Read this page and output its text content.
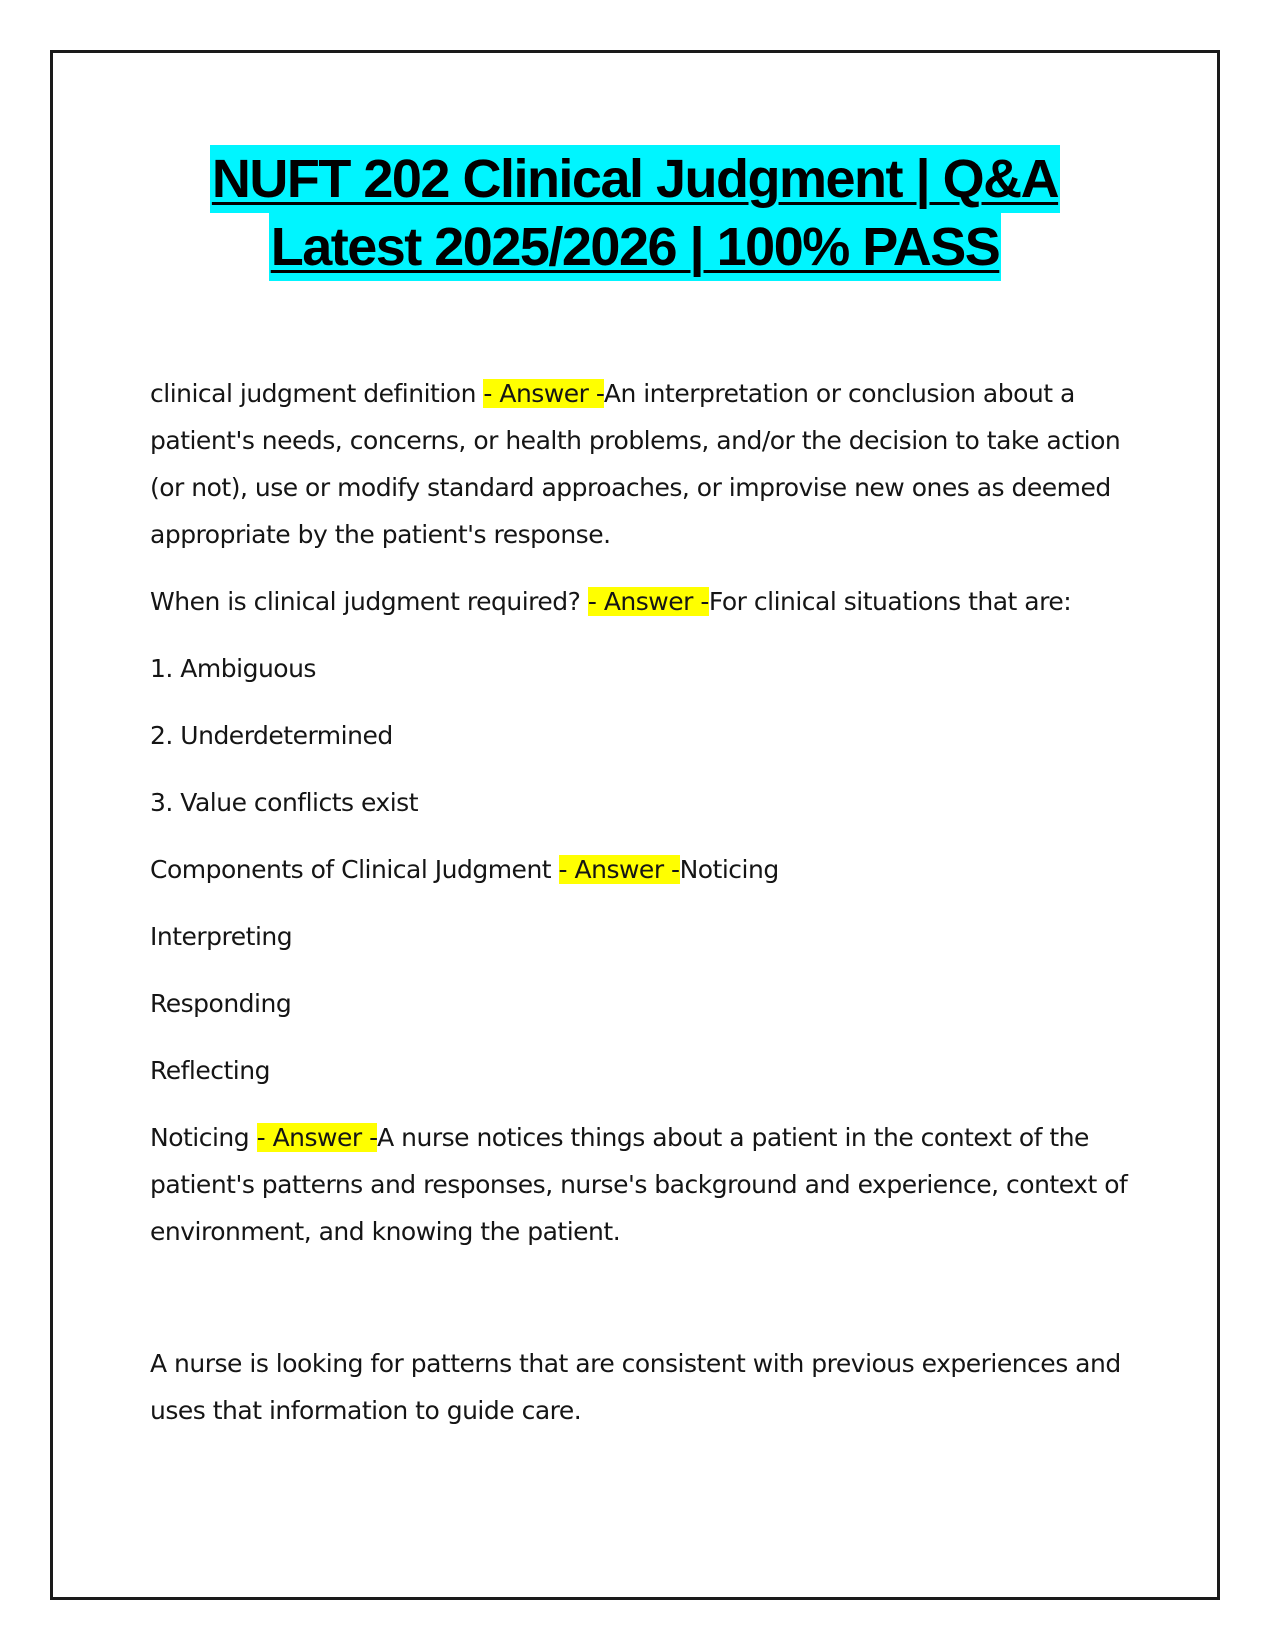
NUFT 202 Clinical Judgment | Q&A
Latest 2025/2026 | 100% PASS

clinical judgment definition - Answer -An interpretation or conclusion about a patient's needs, concerns, or health problems, and/or the decision to take action (or not), use or modify standard approaches, or improvise new ones as deemed appropriate by the patient's response.

When is clinical judgment required? - Answer -For clinical situations that are:

1. Ambiguous

2. Underdetermined

3. Value conflicts exist

Components of Clinical Judgment - Answer -Noticing

Interpreting

Responding

Reflecting

Noticing - Answer -A nurse notices things about a patient in the context of the patient's patterns and responses, nurse's background and experience, context of environment, and knowing the patient.

A nurse is looking for patterns that are consistent with previous experiences and uses that information to guide care.
